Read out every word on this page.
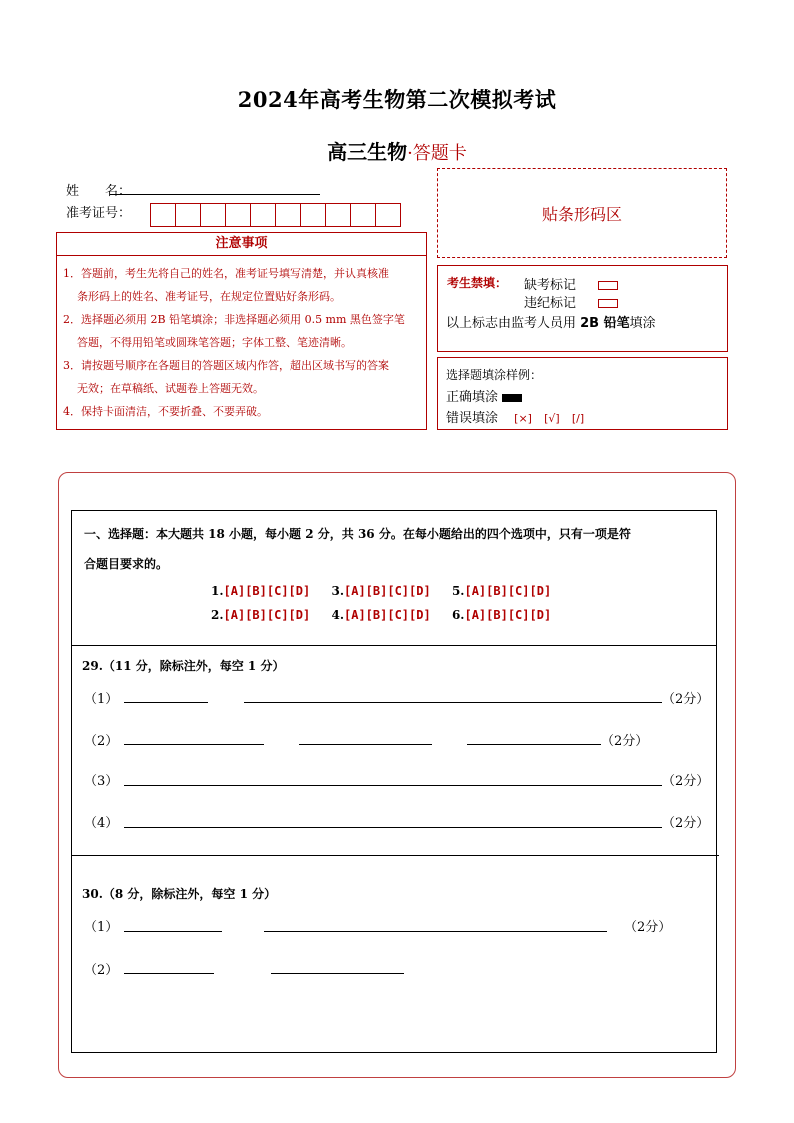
2024年高考生物第二次模拟考试
高三生物·答题卡
姓　　名：
准考证号：	贴条形码区
注意事项
1．答题前，考生先将自己的姓名，准考证号填写清楚，并认真核准
条形码上的姓名、准考证号，在规定位置贴好条形码。
2．选择题必须用 2B 铅笔填涂；非选择题必须用 0.5 mm 黑色签字笔
答题，不得用铅笔或圆珠笔答题；字体工整、笔迹清晰。
3．请按题号顺序在各题目的答题区域内作答，超出区域书写的答案
无效；在草稿纸、试题卷上答题无效。
4．保持卡面清洁，不要折叠、不要弄破。
考生禁填： 缺考标记
违纪标记
以上标志由监考人员用 2B 铅笔填涂
选择题填涂样例：
正确填涂
错误填涂 [×] [√] [/]
一、选择题：本大题共 18 小题，每小题 2 分，共 36 分。在每小题给出的四个选项中，只有一项是符
合题目要求的。
1.[A][B][C][D] 3.[A][B][C][D] 5.[A][B][C][D]
2.[A][B][C][D] 4.[A][B][C][D] 6.[A][B][C][D]
29.（11 分，除标注外，每空 1 分）
（1）	（2分）
（2）	（2分）
（3）	（2分）
（4）	（2分）
30.（8 分，除标注外，每空 1 分）
（1）	（2分）
（2）
